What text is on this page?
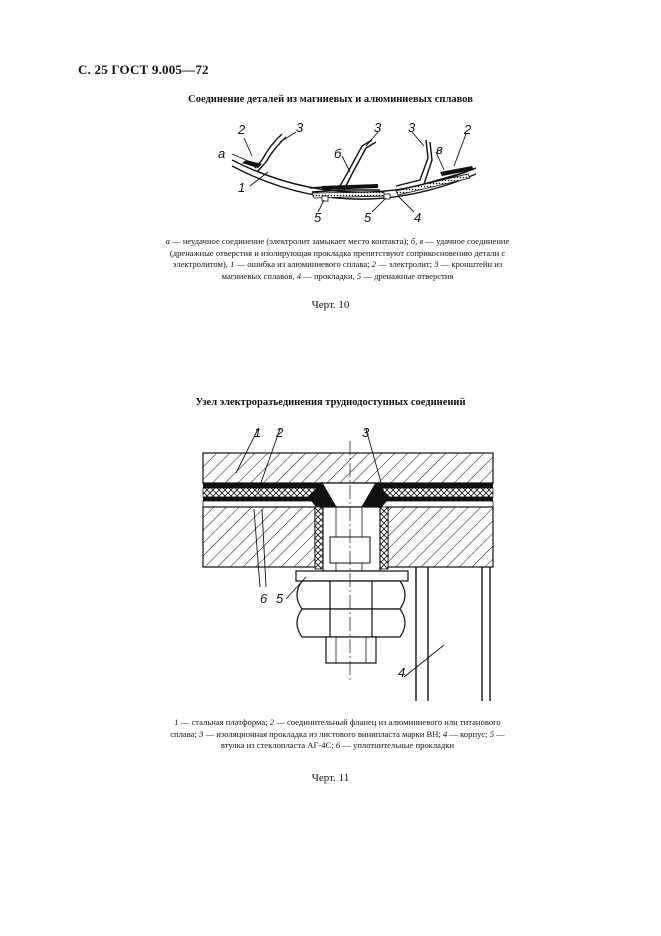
С. 25 ГОСТ 9.005—72
Соединение деталей из магниевых и алюминиевых сплавов
2	3
а
1
3
б
3
в
2
5	5	4
а — неудачное соединение (электролит замыкает место контакта); б, в — удачное соединение (дренажные отверстия и изолирующая прокладка препятствуют соприкосновению детали с электролитом), 1 — ошибка из алюминиевого сплава; 2 — электролит; 3 — кронштейн из магниевых сплавов, 4 — прокладки, 5 — дренажные отверстия
Черт. 10
Узел электроразъединения труднодоступных соединений
1 2	3
4
6 5
1 — стальная платформа; 2 — соединительный фланец из алюминиевого или титанового сплава; 3 — изоляционная прокладка из листового винипласта марки ВН; 4 — корпус; 5 — втулка из стеклопласта АГ-4С; 6 — уплотнительные прокладки
Черт. 11
